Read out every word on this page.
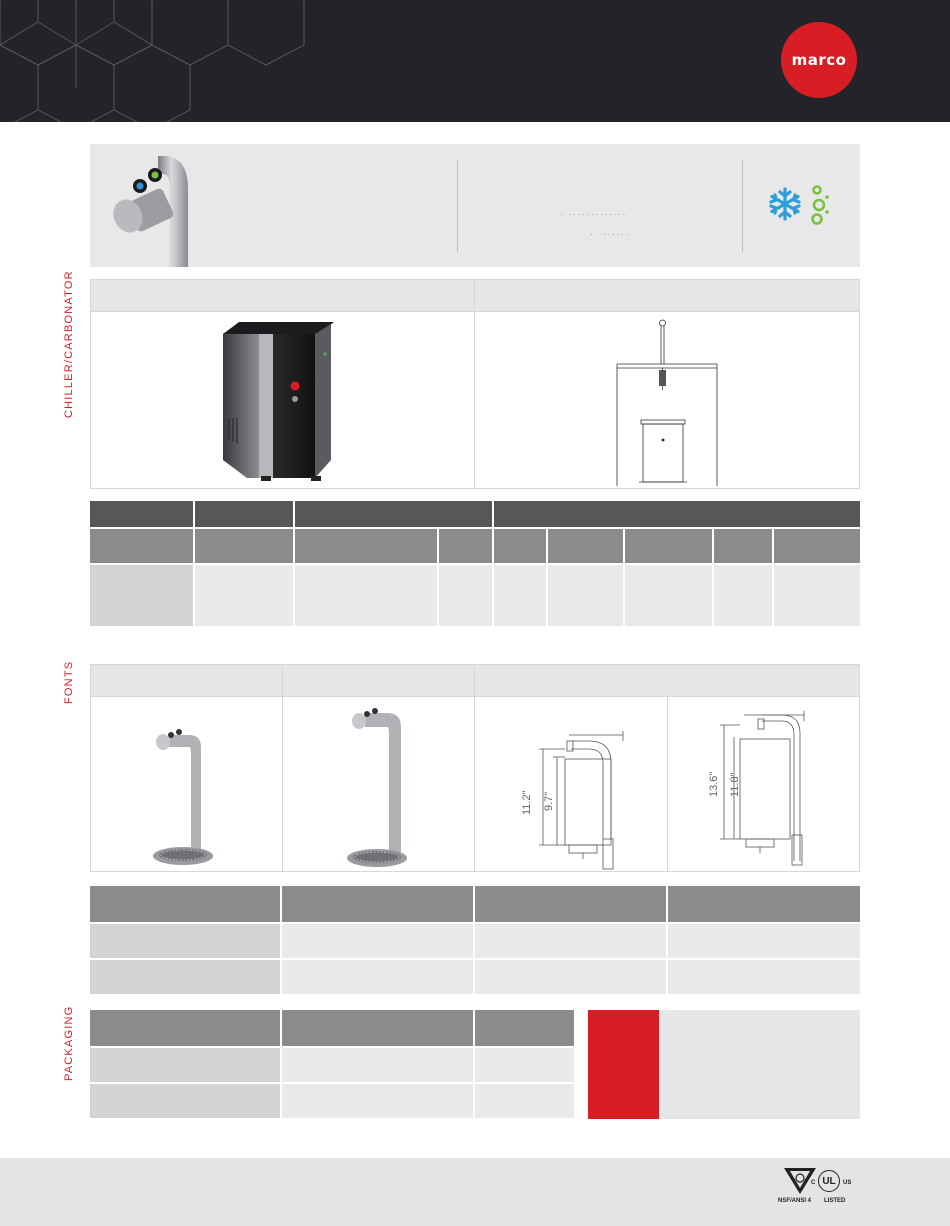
marco
· ·············
· ·······
CHILLER/CARBONATOR
FONTS
11.2" 9.7"
13.6" 11.8"
PACKAGING
NSF/ANSI 4
UL
C	US
LISTED
